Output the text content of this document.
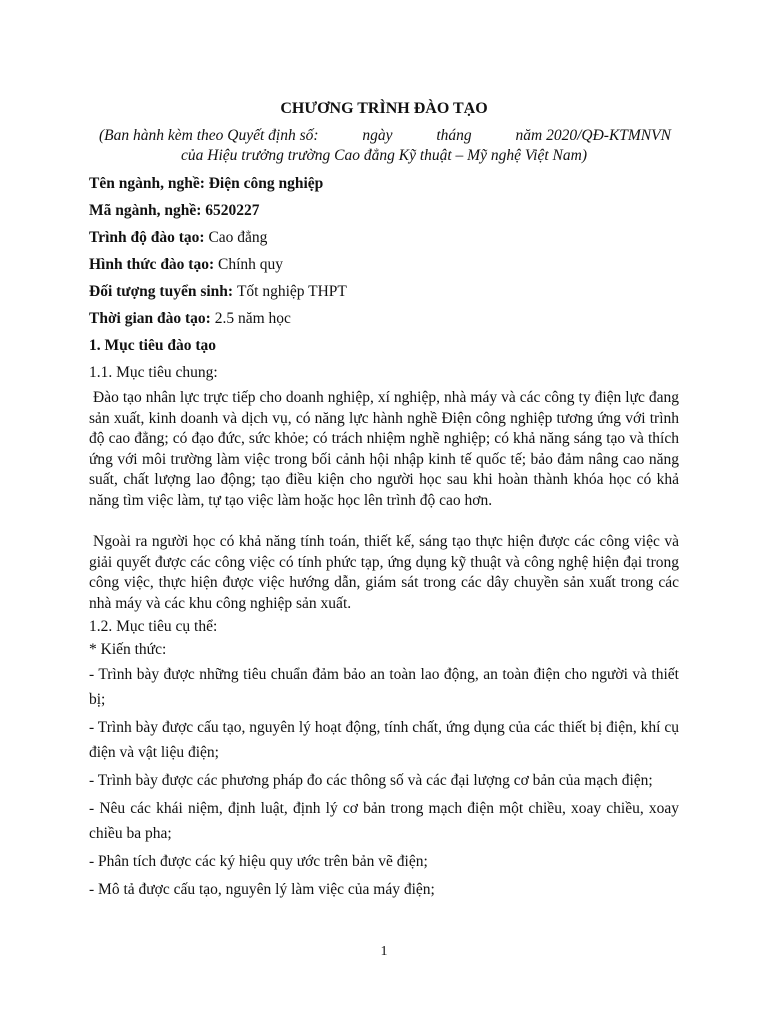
CHƯƠNG TRÌNH ĐÀO TẠO
(Ban hành kèm theo Quyết định số:	ngày	tháng	năm 2020/QĐ-KTMNVN
của Hiệu trưởng trường Cao đẳng Kỹ thuật – Mỹ nghệ Việt Nam)

Tên ngành, nghề: Điện công nghiệp

Mã ngành, nghề: 6520227

Trình độ đào tạo: Cao đẳng

Hình thức đào tạo: Chính quy

Đối tượng tuyển sinh: Tốt nghiệp THPT

Thời gian đào tạo: 2.5 năm học

1. Mục tiêu đào tạo

1.1. Mục tiêu chung:

Đào tạo nhân lực trực tiếp cho doanh nghiệp, xí nghiệp, nhà máy và các công ty điện lực đang sản xuất, kinh doanh và dịch vụ, có năng lực hành nghề Điện công nghiệp tương ứng với trình độ cao đẳng; có đạo đức, sức khỏe; có trách nhiệm nghề nghiệp; có khả năng sáng tạo và thích ứng với môi trường làm việc trong bối cảnh hội nhập kinh tế quốc tế; bảo đảm nâng cao năng suất, chất lượng lao động; tạo điều kiện cho người học sau khi hoàn thành khóa học có khả năng tìm việc làm, tự tạo việc làm hoặc học lên trình độ cao hơn.

Ngoài ra người học có khả năng tính toán, thiết kế, sáng tạo thực hiện được các công việc và giải quyết được các công việc có tính phức tạp, ứng dụng kỹ thuật và công nghệ hiện đại trong công việc, thực hiện được việc hướng dẫn, giám sát trong các dây chuyền sản xuất trong các nhà máy và các khu công nghiệp sản xuất.

1.2. Mục tiêu cụ thể:

* Kiến thức:

- Trình bày được những tiêu chuẩn đảm bảo an toàn lao động, an toàn điện cho người và thiết bị;
- Trình bày được cấu tạo, nguyên lý hoạt động, tính chất, ứng dụng của các thiết bị điện, khí cụ điện và vật liệu điện;
- Trình bày được các phương pháp đo các thông số và các đại lượng cơ bản của mạch điện;
- Nêu các khái niệm, định luật, định lý cơ bản trong mạch điện một chiều, xoay chiều, xoay chiều ba pha;
- Phân tích được các ký hiệu quy ước trên bản vẽ điện;
- Mô tả được cấu tạo, nguyên lý làm việc của máy điện;
1
